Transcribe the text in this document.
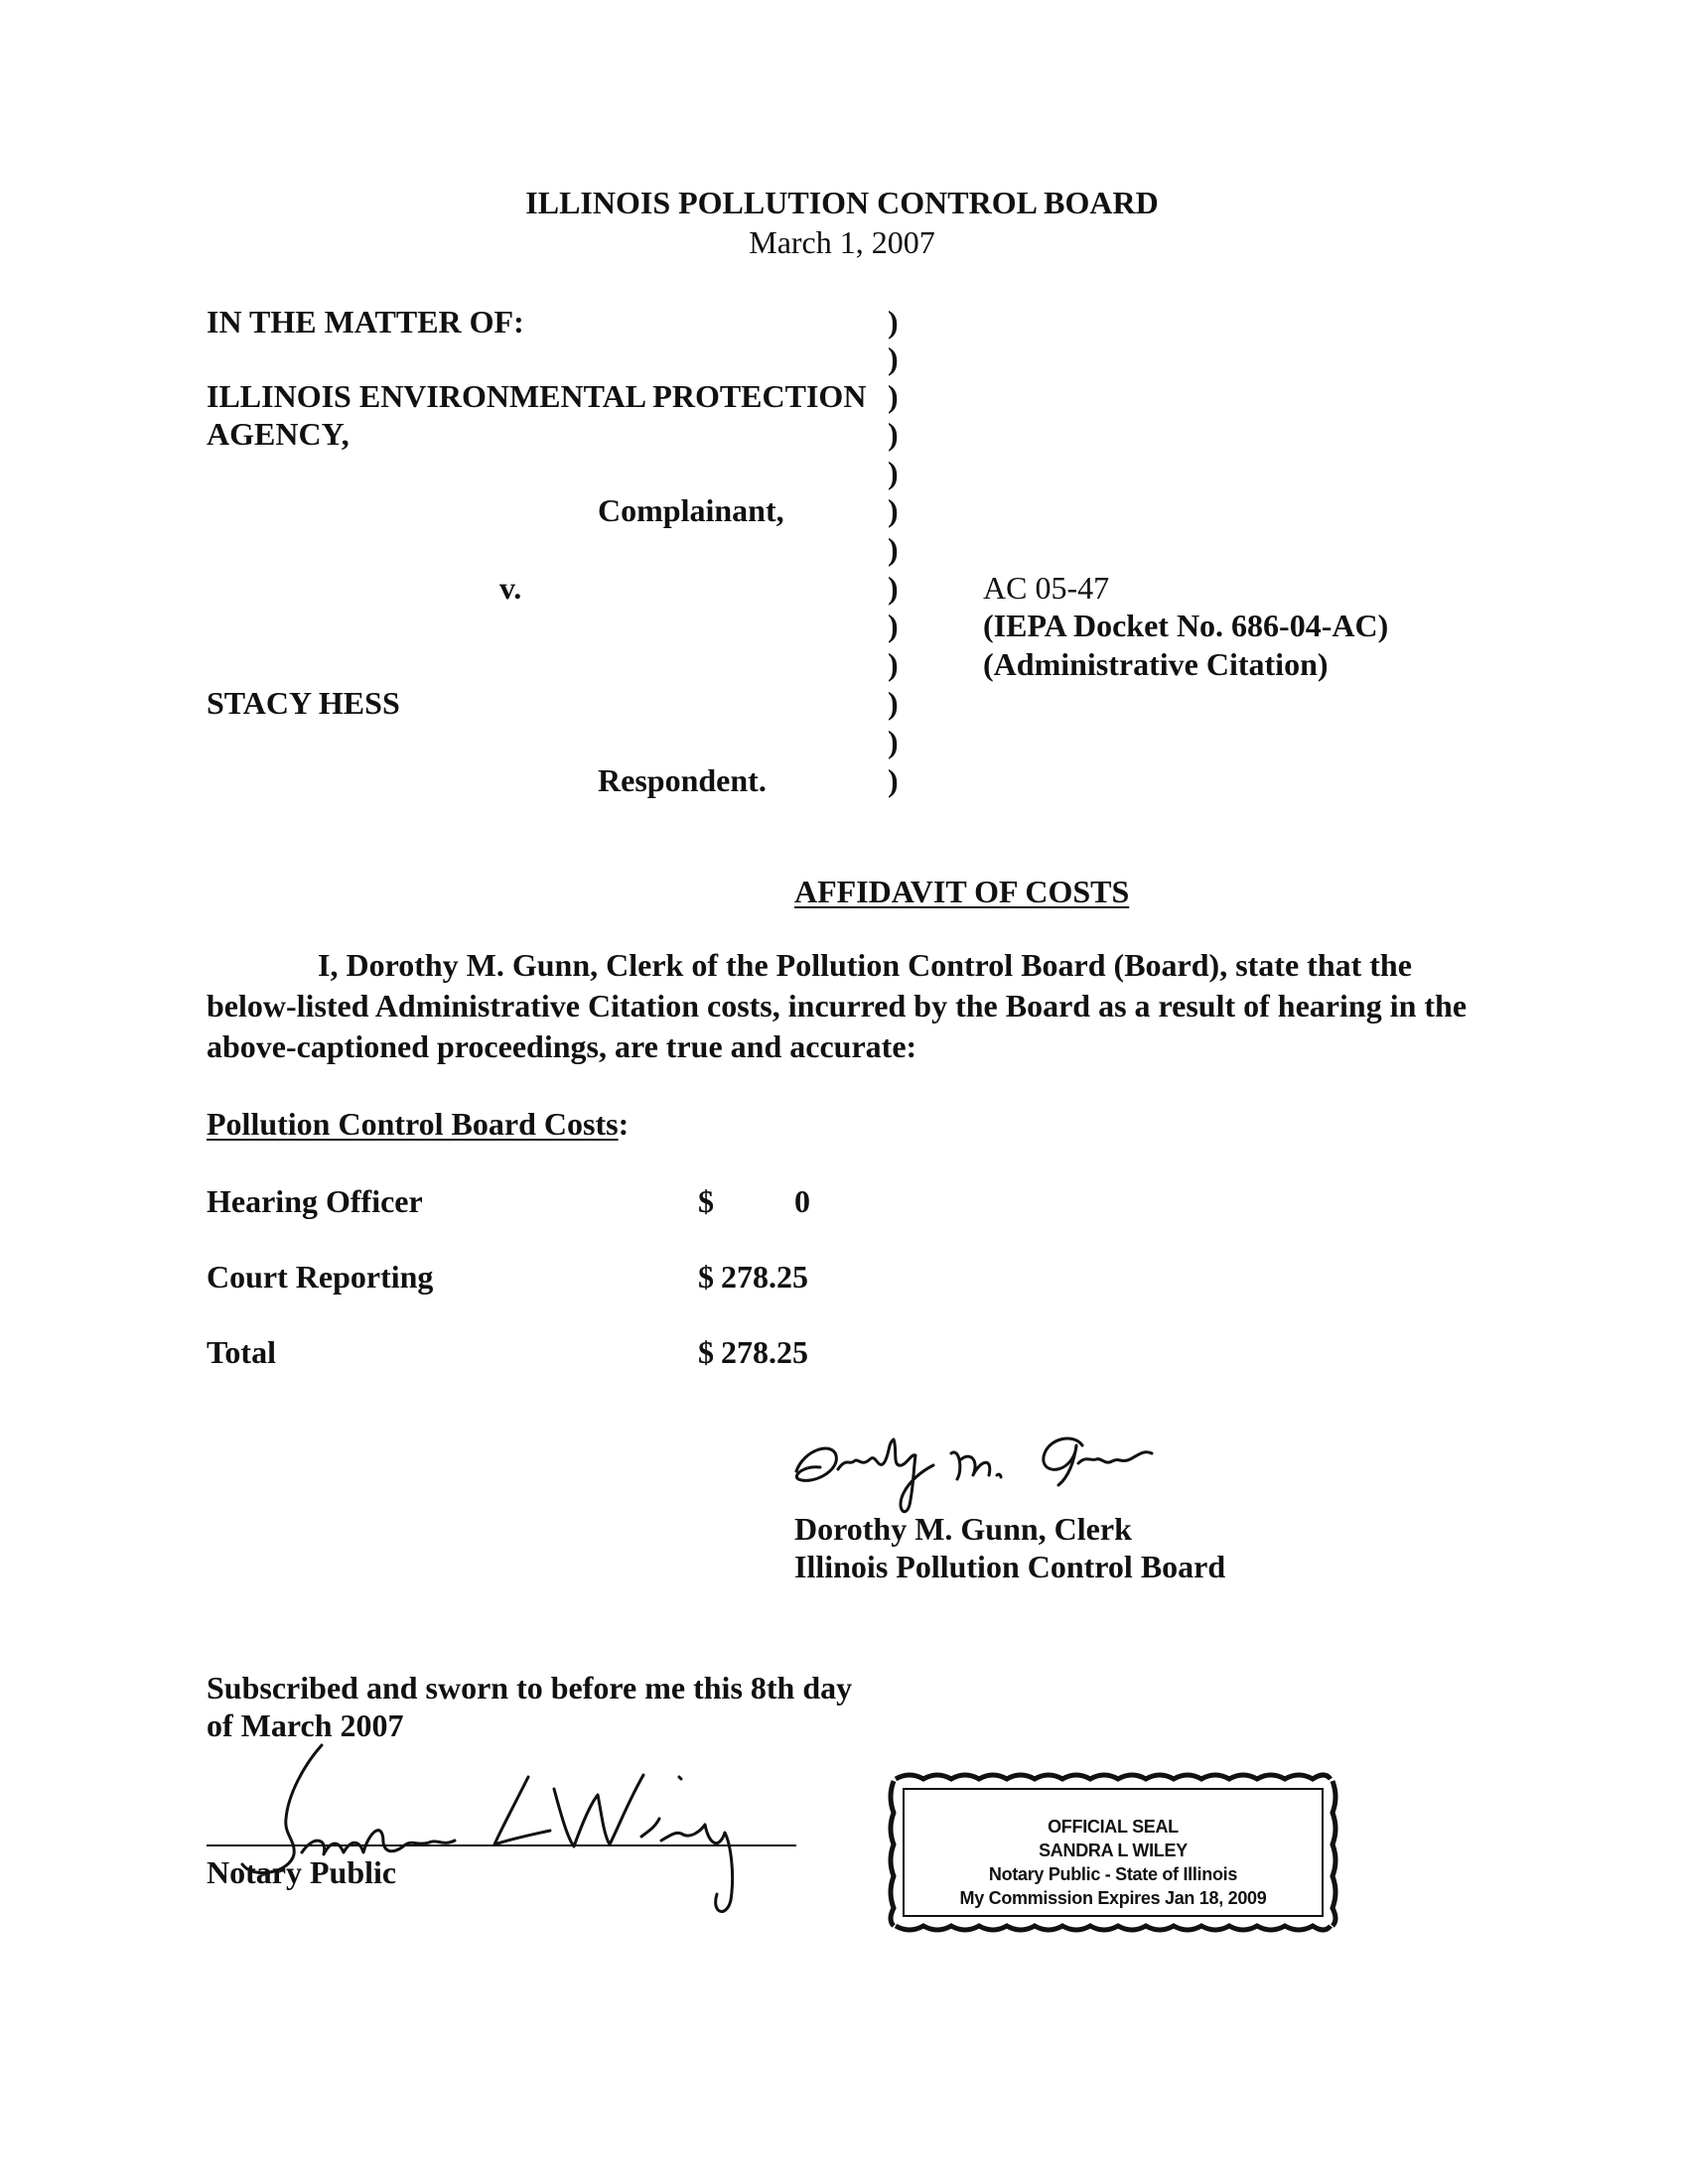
ILLINOIS POLLUTION CONTROL BOARD
March 1, 2007
IN THE MATTER OF:
ILLINOIS ENVIRONMENTAL PROTECTION
AGENCY,
Complainant,
v.
STACY HESS
Respondent.
)
)
)
)
)
)
)
)
)
)
)
)
)
AC 05-47
(IEPA Docket No. 686-04-AC)
(Administrative Citation)
AFFIDAVIT OF COSTS
I, Dorothy M. Gunn, Clerk of the Pollution Control Board (Board), state that the below-listed Administrative Citation costs, incurred by the Board as a result of hearing in the above-captioned proceedings, are true and accurate:
Pollution Control Board Costs:
Hearing Officer	$	0
Court Reporting	$ 278.25
Total	$ 278.25
Dorothy M. Gunn, Clerk
Illinois Pollution Control Board
Subscribed and sworn to before me this 8th day
of March 2007
Notary Public
OFFICIAL SEAL
SANDRA L WILEY
Notary Public - State of Illinois
My Commission Expires Jan 18, 2009
